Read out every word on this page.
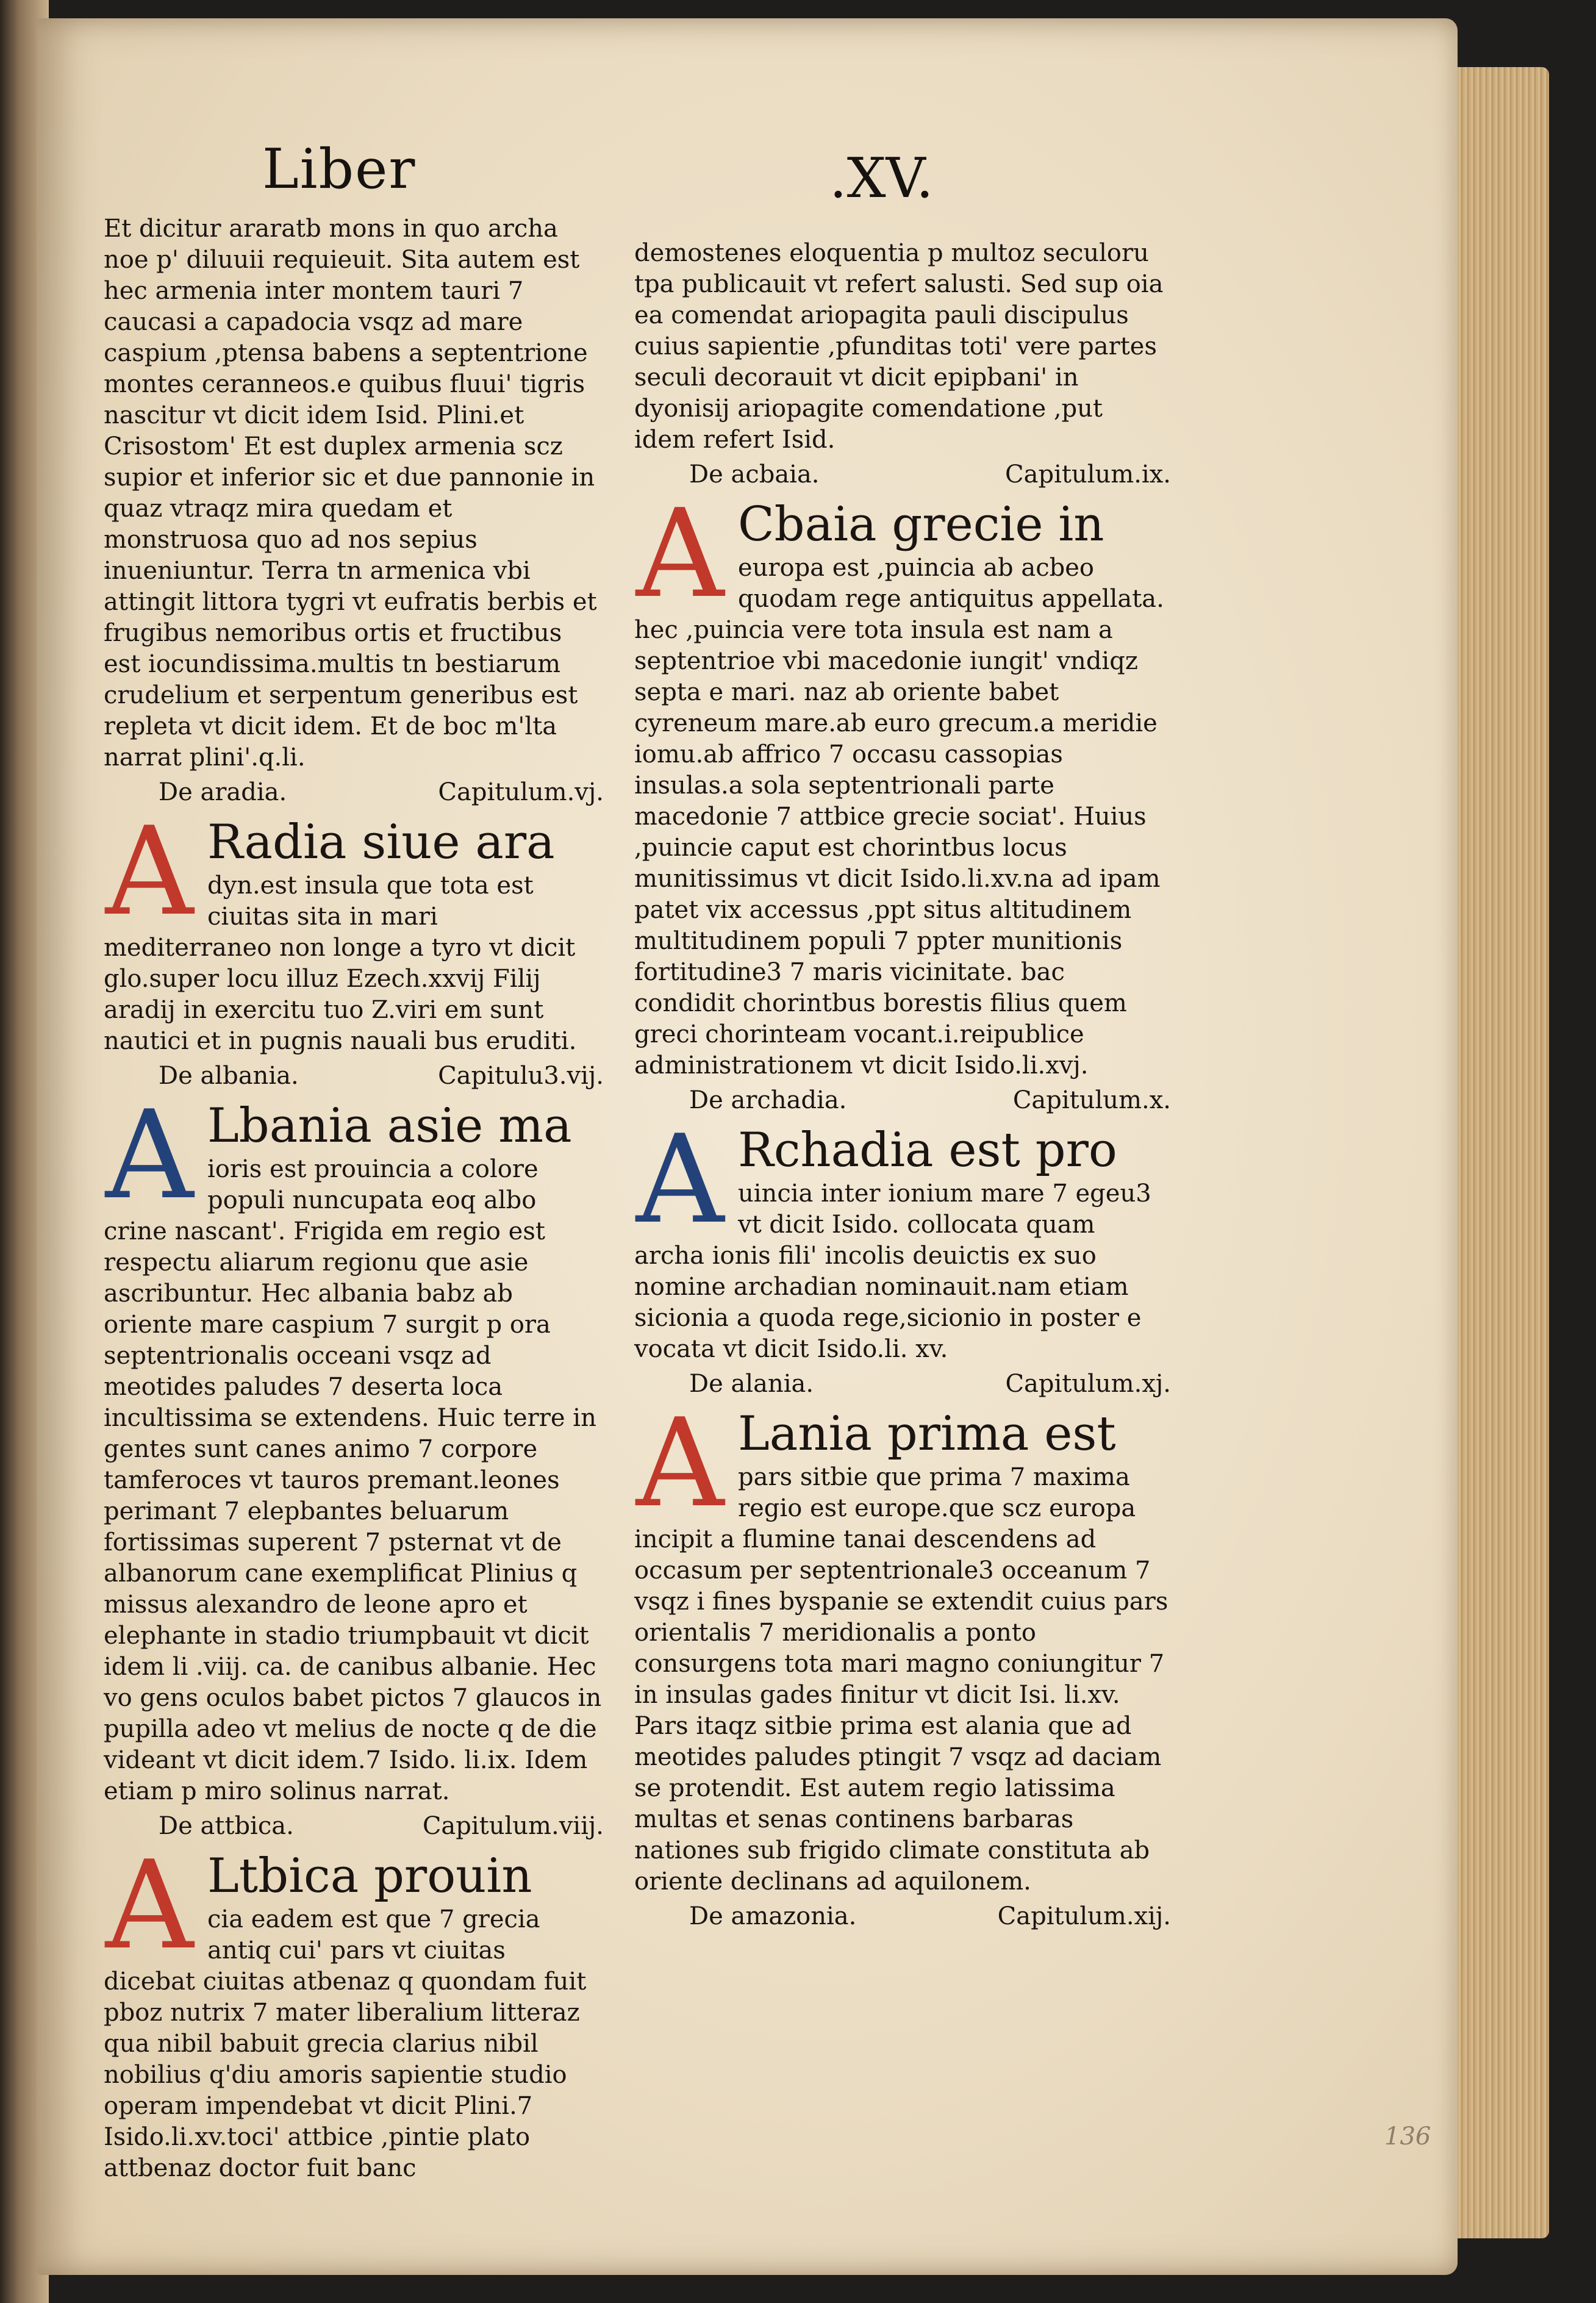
Liber	.XV.

Et dicitur araratb mons in quo archa noe p' diluuii requieuit. Sita autem est hec armenia inter montem tauri 7 caucasi a capadocia vsqz ad mare caspium ,ptensa babens a septentrione montes ceranneos.e quibus fluui' tigris nascitur vt dicit idem Isid. Plini.et Crisostom' Et est duplex armenia scz supior et inferior sic et due pannonie in quaz vtraqz mira quedam et monstruosa quo ad nos sepius inueniuntur. Terra tn armenica vbi attingit littora tygri vt eufratis berbis et frugibus nemoribus ortis et fructibus est iocundissima.multis tn bestiarum crudelium et serpentum generibus est repleta vt dicit idem. Et de boc m'lta narrat plini'.q.li.

De aradia.	Capitulum.vj.
A Radia siue ara

dyn.est insula que tota est ciuitas sita in mari mediterraneo non longe a tyro vt dicit glo.super locu illuz Ezech.xxvij Filij aradij in exercitu tuo Z.viri em sunt nautici et in pugnis nauali bus eruditi.

De albania.	Capitulu3.vij.
A Lbania asie ma

ioris est prouincia a colore populi nuncupata eoq albo crine nascant'. Frigida em regio est respectu aliarum regionu que asie ascribuntur. Hec albania babz ab oriente mare caspium 7 surgit p ora septentrionalis occeani vsqz ad meotides paludes 7 deserta loca incultissima se extendens. Huic terre in gentes sunt canes animo 7 corpore tamferoces vt tauros premant.leones perimant 7 elepbantes beluarum fortissimas superent 7 psternat vt de albanorum cane exemplificat Plinius q missus alexandro de leone apro et elephante in stadio triumpbauit vt dicit idem li .viij. ca. de canibus albanie. Hec vo gens oculos babet pictos 7 glaucos in pupilla adeo vt melius de nocte q de die videant vt dicit idem.7 Isido. li.ix. Idem etiam p miro solinus narrat.

De attbica.	Capitulum.viij.
A Ltbica prouin

cia eadem est que 7 grecia antiq cui' pars vt ciuitas dicebat ciuitas atbenaz q quondam fuit pboz nutrix 7 mater liberalium litteraz qua nibil babuit grecia clarius nibil nobilius q'diu amoris sapientie studio operam impendebat vt dicit Plini.7 Isido.li.xv.toci' attbice ,pintie plato attbenaz doctor fuit banc

demostenes eloquentia p multoz seculoru tpa publicauit vt refert salusti. Sed sup oia ea comendat ariopagita pauli discipulus cuius sapientie ,pfunditas toti' vere partes seculi decorauit vt dicit epipbani' in dyonisij ariopagite comendatione ,put idem refert Isid.

De acbaia.	Capitulum.ix.
A Cbaia grecie in

europa est ,puincia ab acbeo quodam rege antiquitus appellata. hec ,puincia vere tota insula est nam a septentrioe vbi macedonie iungit' vndiqz septa e mari. naz ab oriente babet cyreneum mare.ab euro grecum.a meridie iomu.ab affrico 7 occasu cassopias insulas.a sola septentrionali parte macedonie 7 attbice grecie sociat'. Huius ,puincie caput est chorintbus locus munitissimus vt dicit Isido.li.xv.na ad ipam patet vix accessus ,ppt situs altitudinem multitudinem populi 7 ppter munitionis fortitudine3 7 maris vicinitate. bac condidit chorintbus borestis filius quem greci chorinteam vocant.i.reipublice administrationem vt dicit Isido.li.xvj.

De archadia.	Capitulum.x.
A Rchadia est pro

uincia inter ionium mare 7 egeu3 vt dicit Isido. collocata quam archa ionis fili' incolis deuictis ex suo nomine archadian nominauit.nam etiam sicionia a quoda rege,sicionio in poster e vocata vt dicit Isido.li. xv.

De alania.	Capitulum.xj.
A Lania prima est

pars sitbie que prima 7 maxima regio est europe.que scz europa incipit a flumine tanai descendens ad occasum per septentrionale3 occeanum 7 vsqz i fines byspanie se extendit cuius pars orientalis 7 meridionalis a ponto consurgens tota mari magno coniungitur 7 in insulas gades finitur vt dicit Isi. li.xv. Pars itaqz sitbie prima est alania que ad meotides paludes ptingit 7 vsqz ad daciam se protendit. Est autem regio latissima multas et senas continens barbaras nationes sub frigido climate constituta ab oriente declinans ad aquilonem.

De amazonia.	Capitulum.xij.
136
